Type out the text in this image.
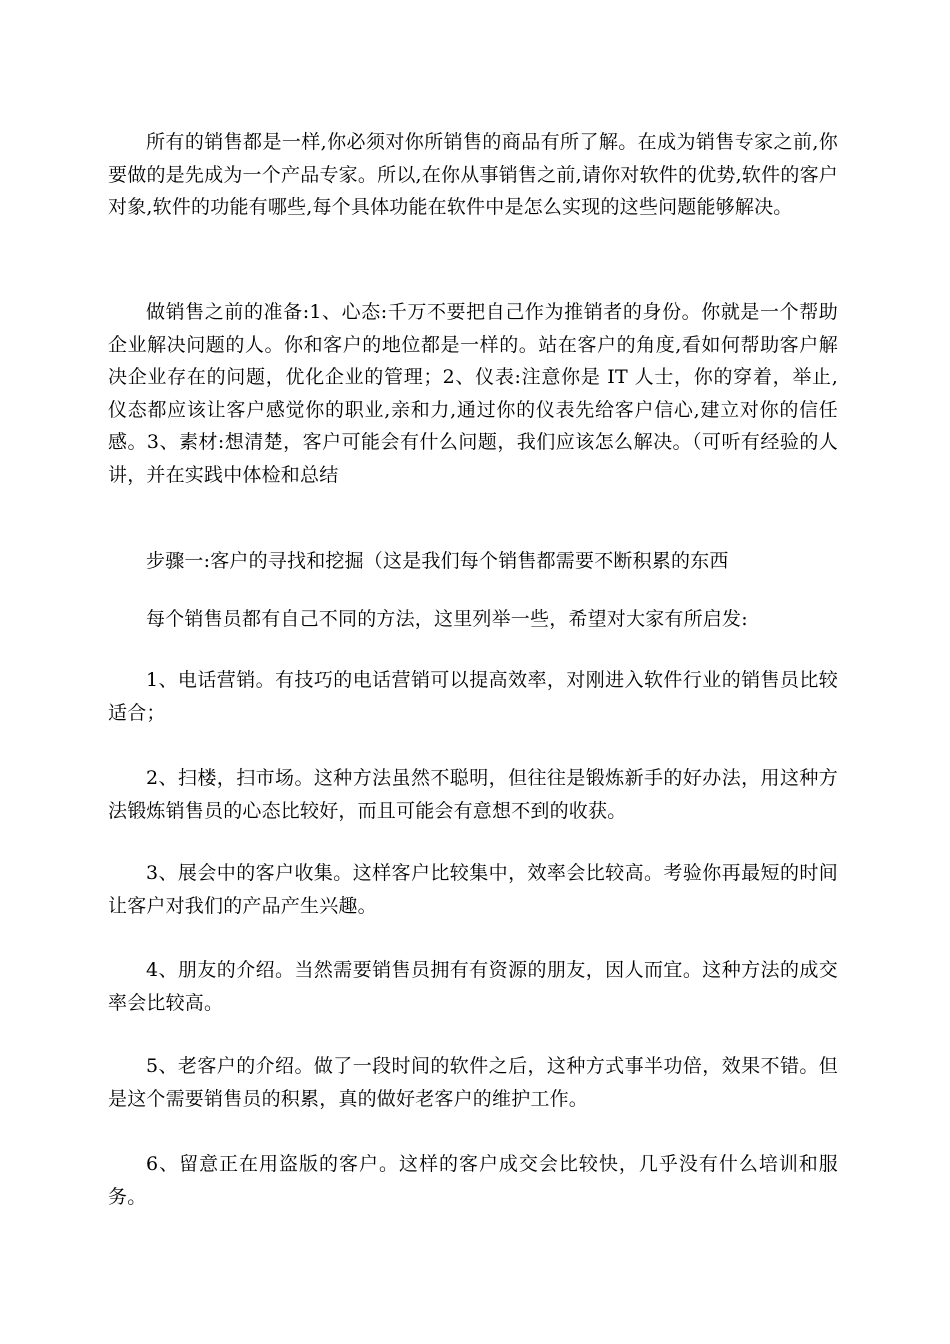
所有的销售都是一样,你必须对你所销售的商品有所了解。在成为销售专家之前,你要做的是先成为一个产品专家。所以,在你从事销售之前,请你对软件的优势,软件的客户对象,软件的功能有哪些,每个具体功能在软件中是怎么实现的这些问题能够解决。

做销售之前的准备:1、心态:千万不要把自己作为推销者的身份。你就是一个帮助企业解决问题的人。你和客户的地位都是一样的。站在客户的角度,看如何帮助客户解决企业存在的问题，优化企业的管理；2、仪表:注意你是 IT 人士，你的穿着，举止,仪态都应该让客户感觉你的职业,亲和力,通过你的仪表先给客户信心,建立对你的信任感。3、素材:想清楚，客户可能会有什么问题，我们应该怎么解决。（可听有经验的人讲，并在实践中体检和总结

步骤一:客户的寻找和挖掘（这是我们每个销售都需要不断积累的东西

每个销售员都有自己不同的方法，这里列举一些，希望对大家有所启发:

1、电话营销。有技巧的电话营销可以提高效率，对刚进入软件行业的销售员比较适合；

2、扫楼，扫市场。这种方法虽然不聪明，但往往是锻炼新手的好办法，用这种方法锻炼销售员的心态比较好，而且可能会有意想不到的收获。

3、展会中的客户收集。这样客户比较集中，效率会比较高。考验你再最短的时间让客户对我们的产品产生兴趣。

4、朋友的介绍。当然需要销售员拥有有资源的朋友，因人而宜。这种方法的成交率会比较高。

5、老客户的介绍。做了一段时间的软件之后，这种方式事半功倍，效果不错。但是这个需要销售员的积累，真的做好老客户的维护工作。

6、留意正在用盗版的客户。这样的客户成交会比较快，几乎没有什么培训和服务。
